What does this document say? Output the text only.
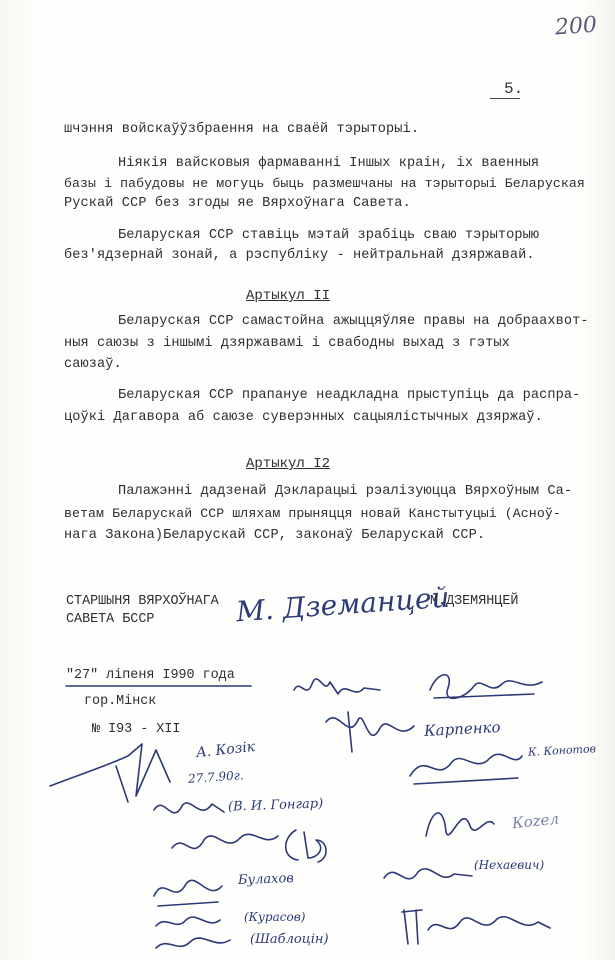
200
5.
шчэння войскаўўзбраення на сваёй тэрыторыі.
Ніякія вайсковыя фармаванні Іншых краін, іх ваенныя
базы і пабудовы не могуць быць размешчаны на тэрыторыі Беларуская
Рускай ССР без згоды яе Вярхоўнага Савета.
Беларуская ССР ставіць мэтай зрабіць сваю тэрыторыю
без'ядзернай зонай, а рэспубліку - нейтральнай дзяржавай.
Артыкул II
Беларуская ССР самастойна ажыццяўляе правы на добраахвот-
ныя саюзы з іншымі дзяржавамі і свабодны выхад з гэтых
саюзаў.
Беларуская ССР прапануе неадкладна прыступіць да распра-
цоўкі Дагавора аб саюзе суверэнных сацыялістычных дзяржаў.
Артыкул I2
Палажэнні дадзенай Дэкларацыі рэалізуюцца Вярхоўным Са-
ветам Беларускай ССР шляхам прыняцця новай Канстытуцыі (Асноў-
нага Закона)Беларускай ССР, законаў Беларускай ССР.
СТАРШЫНЯ ВЯРХОЎНАГА
САВЕТА БССР	М. Дземанцей
М.ДЗЕМЯНЦЕЙ
"27" ліпеня I990 года
гор.Мінск
№ I93 - XII	Карпенко
А. Козік
27.7.90г.
К. Конотов
(В. И. Гонгар)
Коzел
(Нехаевич)
Булахов
(Курасов)
(Шаблоцін)
